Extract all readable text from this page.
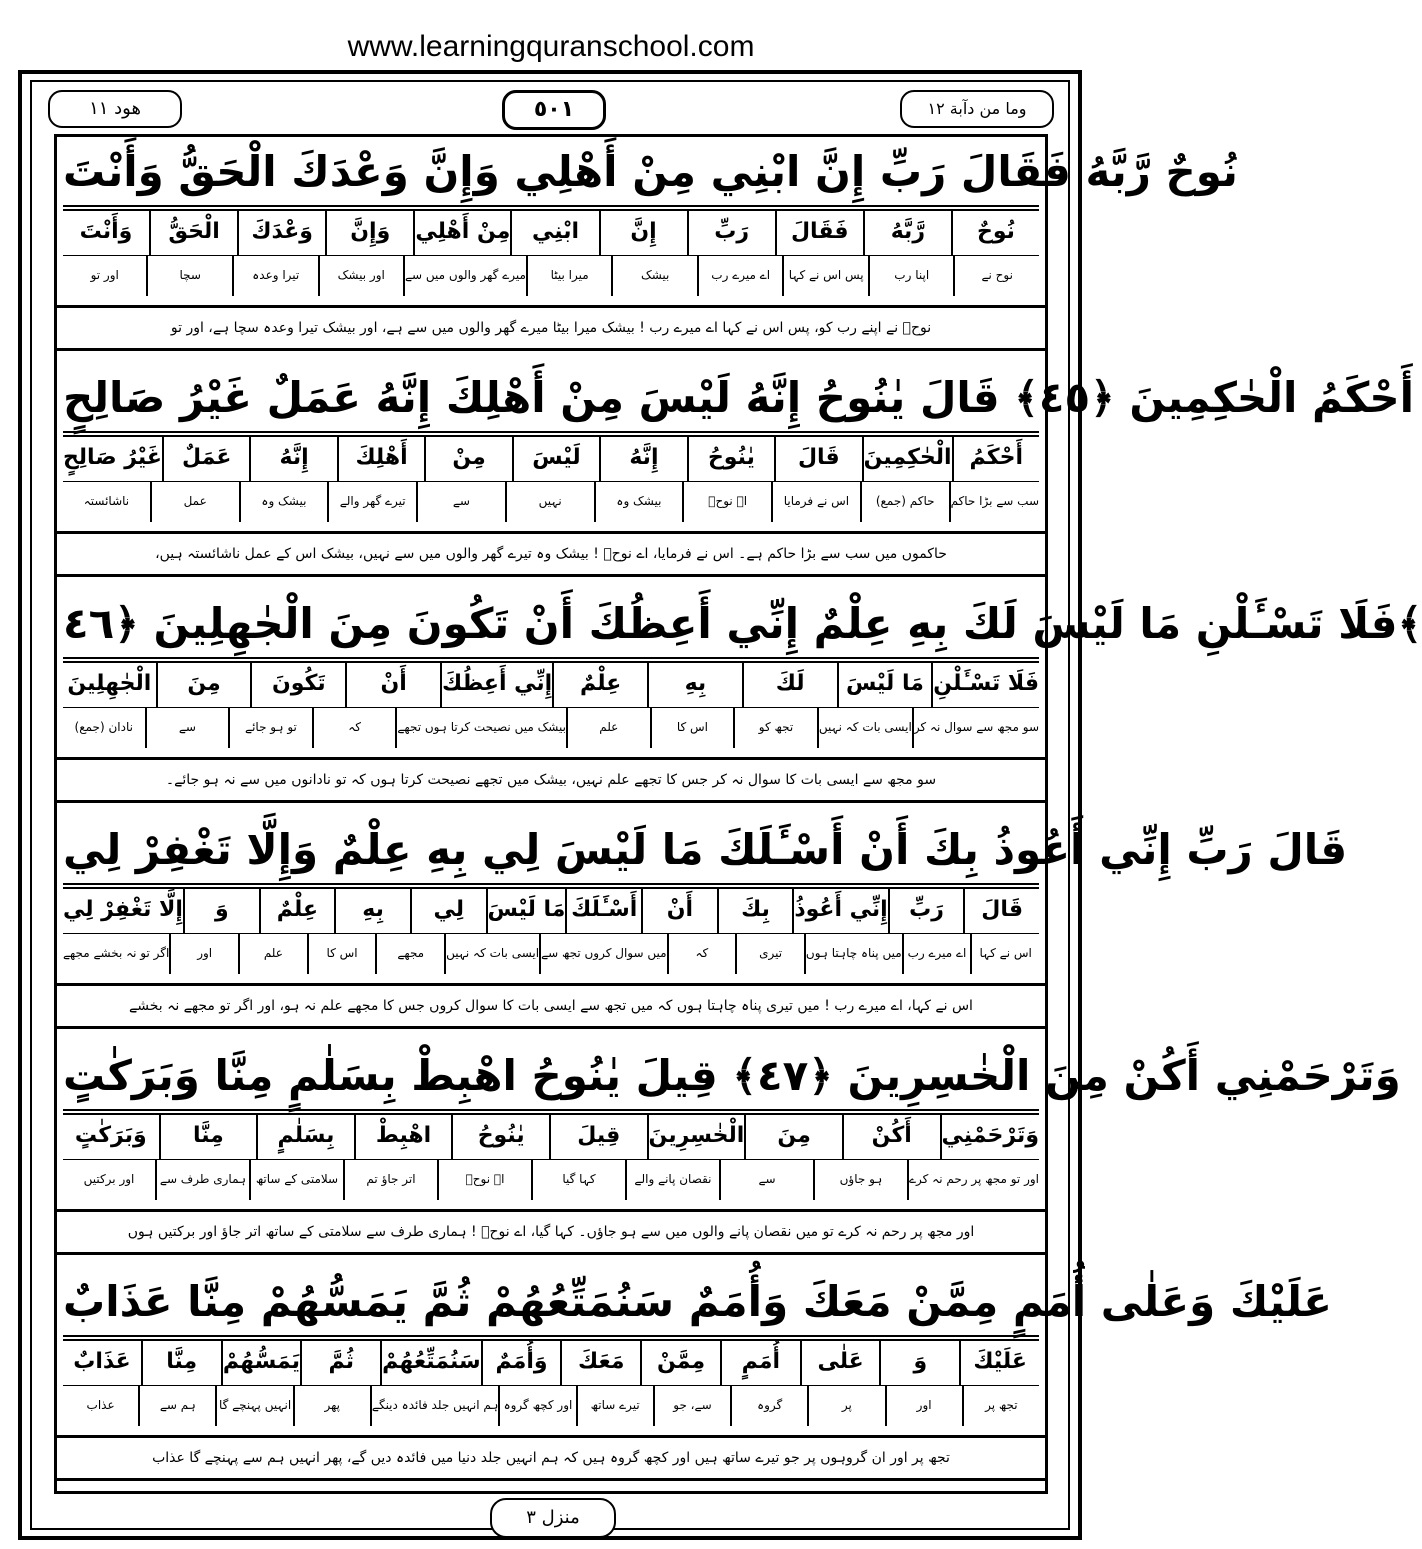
www.learningquranschool.com
وما من دآبة ١٢
٥٠١
هود ١١
نُوحٌ رَّبَّهُ فَقَالَ رَبِّ إِنَّ ابْنِي مِنْ أَهْلِي وَإِنَّ وَعْدَكَ الْحَقُّ وَأَنْتَ
نُوحٌ
رَّبَّهُ
فَقَالَ
رَبِّ
إِنَّ
ابْنِي
مِنْ أَهْلِي
وَإِنَّ
وَعْدَكَ
الْحَقُّ
وَأَنْتَ
نوح نے
اپنا رب
پس اس نے کہا
اے میرے رب
بیشک
میرا بیٹا
میرے گھر والوں میں سے
اور بیشک
تیرا وعدہ
سچا
اور تو
نوحؑ نے اپنے رب کو، پس اس نے کہا اے میرے رب ! بیشک میرا بیٹا میرے گھر والوں میں سے ہے، اور بیشک تیرا وعدہ سچا ہے، اور تو
أَحْكَمُ الْحٰكِمِينَ ﴿٤٥﴾ قَالَ يٰنُوحُ إِنَّهُ لَيْسَ مِنْ أَهْلِكَ إِنَّهُ عَمَلٌ غَيْرُ صَالِحٍ
أَحْكَمُ
الْحٰكِمِينَ
قَالَ
يٰنُوحُ
إِنَّهُ
لَيْسَ
مِنْ
أَهْلِكَ
إِنَّهُ
عَمَلٌ
غَيْرُ صَالِحٍ
سب سے بڑا حاکم
حاکم (جمع)
اس نے فرمایا
اے نوحؑ
بیشک وہ
نہیں
سے
تیرے گھر والے
بیشک وہ
عمل
ناشائستہ
حاکموں میں سب سے بڑا حاکم ہے۔ اس نے فرمایا، اے نوحؑ ! بیشک وہ تیرے گھر والوں میں سے نہیں، بیشک اس کے عمل ناشائستہ ہیں،
فَلَا تَسْـَٔلْنِ مَا لَيْسَ لَكَ بِهِ عِلْمٌ إِنِّي أَعِظُكَ أَنْ تَكُونَ مِنَ الْجٰهِلِينَ ﴿٤٦﴾
فَلَا تَسْـَٔلْنِ
مَا لَيْسَ
لَكَ
بِهِ
عِلْمٌ
إِنِّي أَعِظُكَ
أَنْ
تَكُونَ
مِنَ
الْجٰهِلِينَ
سو مجھ سے سوال نہ کر
ایسی بات کہ نہیں
تجھ کو
اس کا
علم
بیشک میں نصیحت کرتا ہوں تجھے
کہ
تو ہو جائے
سے
نادان (جمع)
سو مجھ سے ایسی بات کا سوال نہ کر جس کا تجھے علم نہیں، بیشک میں تجھے نصیحت کرتا ہوں کہ تو نادانوں میں سے نہ ہو جائے۔
قَالَ رَبِّ إِنِّي أَعُوذُ بِكَ أَنْ أَسْـَٔلَكَ مَا لَيْسَ لِي بِهِ عِلْمٌ وَإِلَّا تَغْفِرْ لِي
قَالَ
رَبِّ
إِنِّي أَعُوذُ
بِكَ
أَنْ
أَسْـَٔلَكَ
مَا لَيْسَ
لِي
بِهِ
عِلْمٌ
وَ
إِلَّا تَغْفِرْ لِي
اس نے کہا
اے میرے رب
میں پناہ چاہتا ہوں
تیری
کہ
میں سوال کروں تجھ سے
ایسی بات کہ نہیں
مجھے
اس کا
علم
اور
اگر تو نہ بخشے مجھے
اس نے کہا، اے میرے رب ! میں تیری پناہ چاہتا ہوں کہ میں تجھ سے ایسی بات کا سوال کروں جس کا مجھے علم نہ ہو، اور اگر تو مجھے نہ بخشے
وَتَرْحَمْنِي أَكُنْ مِنَ الْخٰسِرِينَ ﴿٤٧﴾ قِيلَ يٰنُوحُ اهْبِطْ بِسَلٰمٍ مِنَّا وَبَرَكٰتٍ
وَتَرْحَمْنِي
أَكُنْ
مِنَ
الْخٰسِرِينَ
قِيلَ
يٰنُوحُ
اهْبِطْ
بِسَلٰمٍ
مِنَّا
وَبَرَكٰتٍ
اور تو مجھ پر رحم نہ کرے
ہو جاؤں
سے
نقصان پانے والے
کہا گیا
اے نوحؑ
اتر جاؤ تم
سلامتی کے ساتھ
ہماری طرف سے
اور برکتیں
اور مجھ پر رحم نہ کرے تو میں نقصان پانے والوں میں سے ہو جاؤں۔ کہا گیا، اے نوحؑ ! ہماری طرف سے سلامتی کے ساتھ اتر جاؤ اور برکتیں ہوں
عَلَيْكَ وَعَلٰى أُمَمٍ مِمَّنْ مَعَكَ وَأُمَمٌ سَنُمَتِّعُهُمْ ثُمَّ يَمَسُّهُمْ مِنَّا عَذَابٌ
عَلَيْكَ
وَ
عَلٰى
أُمَمٍ
مِمَّنْ
مَعَكَ
وَأُمَمٌ
سَنُمَتِّعُهُمْ
ثُمَّ
يَمَسُّهُمْ
مِنَّا
عَذَابٌ
تجھ پر
اور
پر
گروہ
سے، جو
تیرے ساتھ
اور کچھ گروہ
ہم انہیں جلد فائدہ دینگے
پھر
انہیں پہنچے گا
ہم سے
عذاب
تجھ پر اور ان گروہوں پر جو تیرے ساتھ ہیں اور کچھ گروہ ہیں کہ ہم انہیں جلد دنیا میں فائدہ دیں گے، پھر انہیں ہم سے پہنچے گا عذاب
منزل ٣
